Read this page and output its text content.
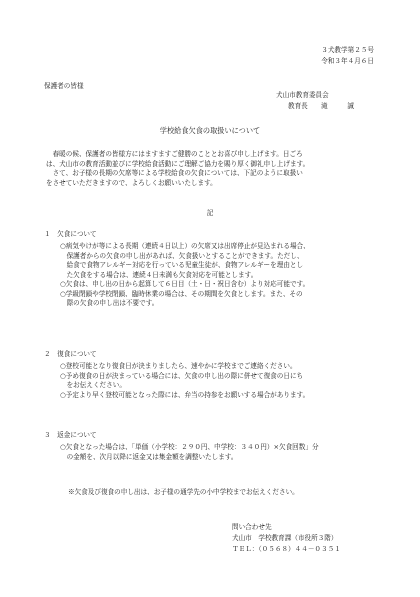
３犬教学第２５号
令和３年４月６日
保護者の皆様
犬山市教育委員会
教育長　　滝　　　誠
学校給食欠食の取扱いについて
　春暖の候、保護者の皆様方にはますますご健勝のこととお喜び申し上げます。日ごろ
は、犬山市の教育活動並びに学校給食活動にご理解ご協力を賜り厚く御礼申し上げます。
　さて、お子様の長期の欠席等による学校給食の欠食については、下記のように取扱い
をさせていただきますので、よろしくお願いいたします。
記
１　欠食について
○病気やけが等による長期（連続４日以上）の欠席又は出席停止が見込まれる場合、
　保護者からの欠食の申し出があれば、欠食扱いとすることができます。ただし、
　給食で食物アレルギー対応を行っている児童生徒が、食物アレルギーを理由とし
　た欠食をする場合は、連続４日未満も欠食対応を可能とします。
○欠食は、申し出の日から起算して６日目（土・日・祝日含む）より対応可能です。
○学級閉鎖や学校閉鎖、臨時休業の場合は、その期間を欠食とします。また、その
　際の欠食の申し出は不要です。
２　復食について
○登校可能となり復食日が決まりましたら、速やかに学校までご連絡ください。
○予め復食の日が決まっている場合には、欠食の申し出の際に併せて復食の日にち
　をお伝えください。
○予定より早く登校可能となった際には、弁当の持参をお願いする場合があります。
３　返金について
○欠食となった場合は、「単価（小学校：２９０円、中学校：３４０円）×欠食回数」分
　の金額を、次月以降に返金又は集金額を調整いたします。
※欠食及び復食の申し出は、お子様の通学先の小中学校までお伝えください。
問い合わせ先
犬山市　学校教育課（市役所３階）
ＴＥＬ：（０５６８）４４－０３５１
